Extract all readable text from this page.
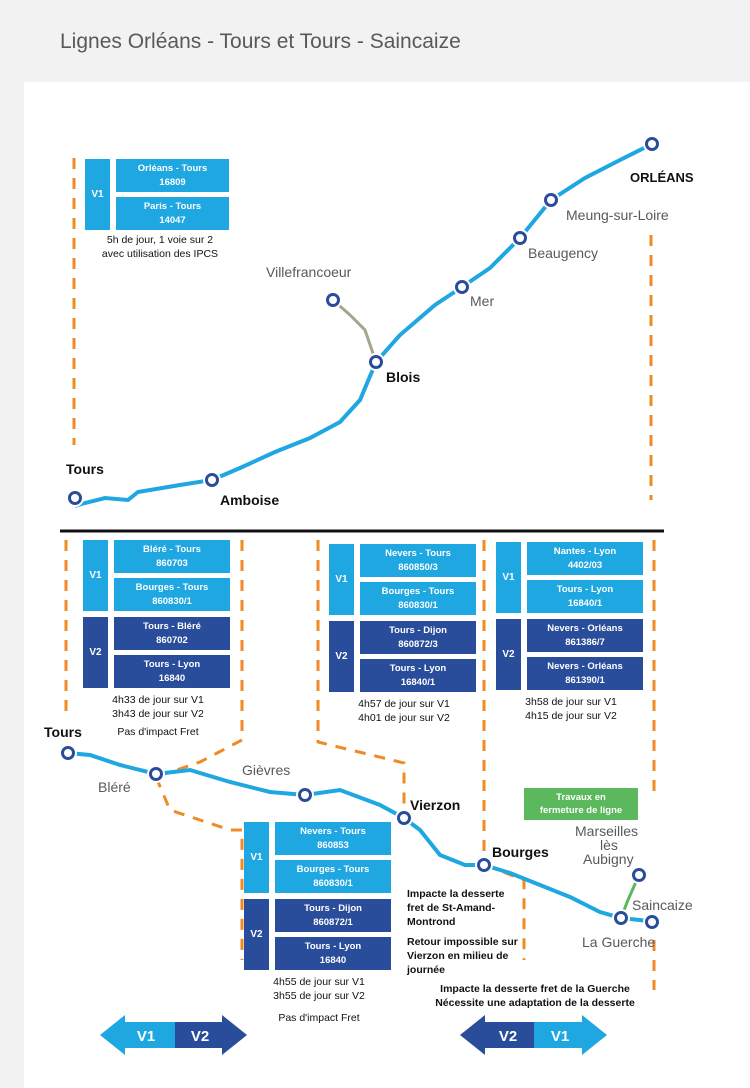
Lignes Orléans - Tours et Tours - Saincaize
V1 V2	V2 V1
ORLÉANS
Meung-sur-Loire
Beaugency
Mer
Villefrancoeur
Blois
Tours
Amboise
Tours
Bléré
Gièvres
Vierzon
Bourges
Marseilles
lès
Aubigny
Saincaize
La Guerche
V1
Orléans - Tours
16809
Paris - Tours
14047
5h de jour, 1 voie sur 2
avec utilisation des IPCS
V1
Bléré - Tours
860703
Bourges - Tours
860830/1
V2
Tours - Bléré
860702
Tours - Lyon
16840
4h33 de jour sur V1
3h43 de jour sur V2
Pas d'impact Fret
V1
Nevers - Tours
860850/3
Bourges - Tours
860830/1
V2
Tours - Dijon
860872/3
Tours - Lyon
16840/1
4h57 de jour sur V1
4h01 de jour sur V2
V1
Nantes - Lyon
4402/03
Tours - Lyon
16840/1
V2
Nevers - Orléans
861386/7
Nevers - Orléans
861390/1
3h58 de jour sur V1
4h15 de jour sur V2
V1
Nevers - Tours
860853
Bourges - Tours
860830/1
V2
Tours - Dijon
860872/1
Tours - Lyon
16840
4h55 de jour sur V1
3h55 de jour sur V2
Pas d'impact Fret
Impacte la desserte
fret de St-Amand-
Montrond
Retour impossible sur
Vierzon en milieu de
journée
Impacte la desserte fret de la Guerche
Nécessite une adaptation de la desserte
Travaux en
fermeture de ligne
